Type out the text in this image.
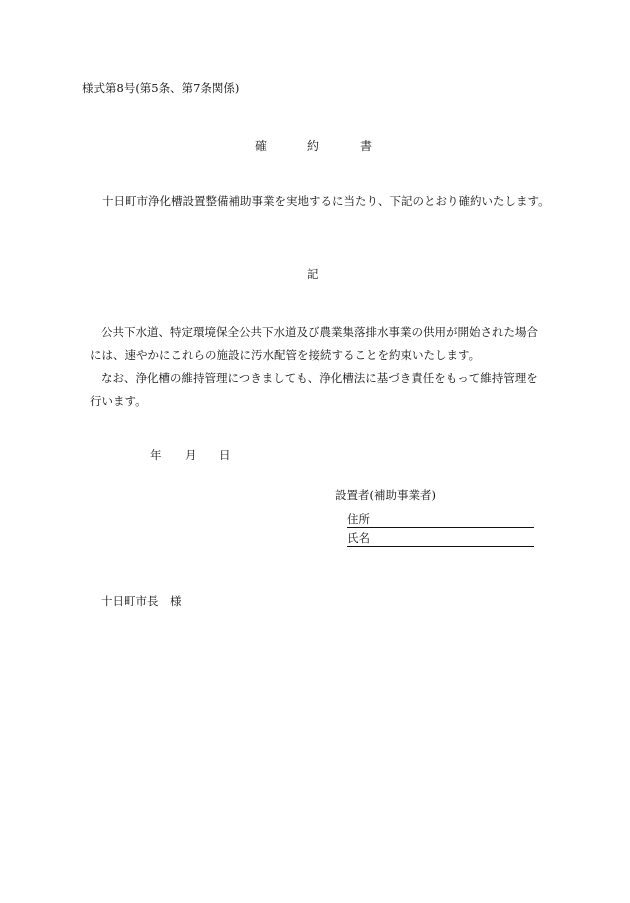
様式第8号(第5条、第7条関係)
確	約	書
十日町市浄化槽設置整備補助事業を実地するに当たり、下記のとおり確約いたします。
記
公共下水道、特定環境保全公共下水道及び農業集落排水事業の供用が開始された場合
には、速やかにこれらの施設に汚水配管を接続することを約束いたします。
なお、浄化槽の維持管理につきましても、浄化槽法に基づき責任をもって維持管理を
行います。
年 月 日
設置者(補助事業者)
住所
氏名
十日町市長　様
